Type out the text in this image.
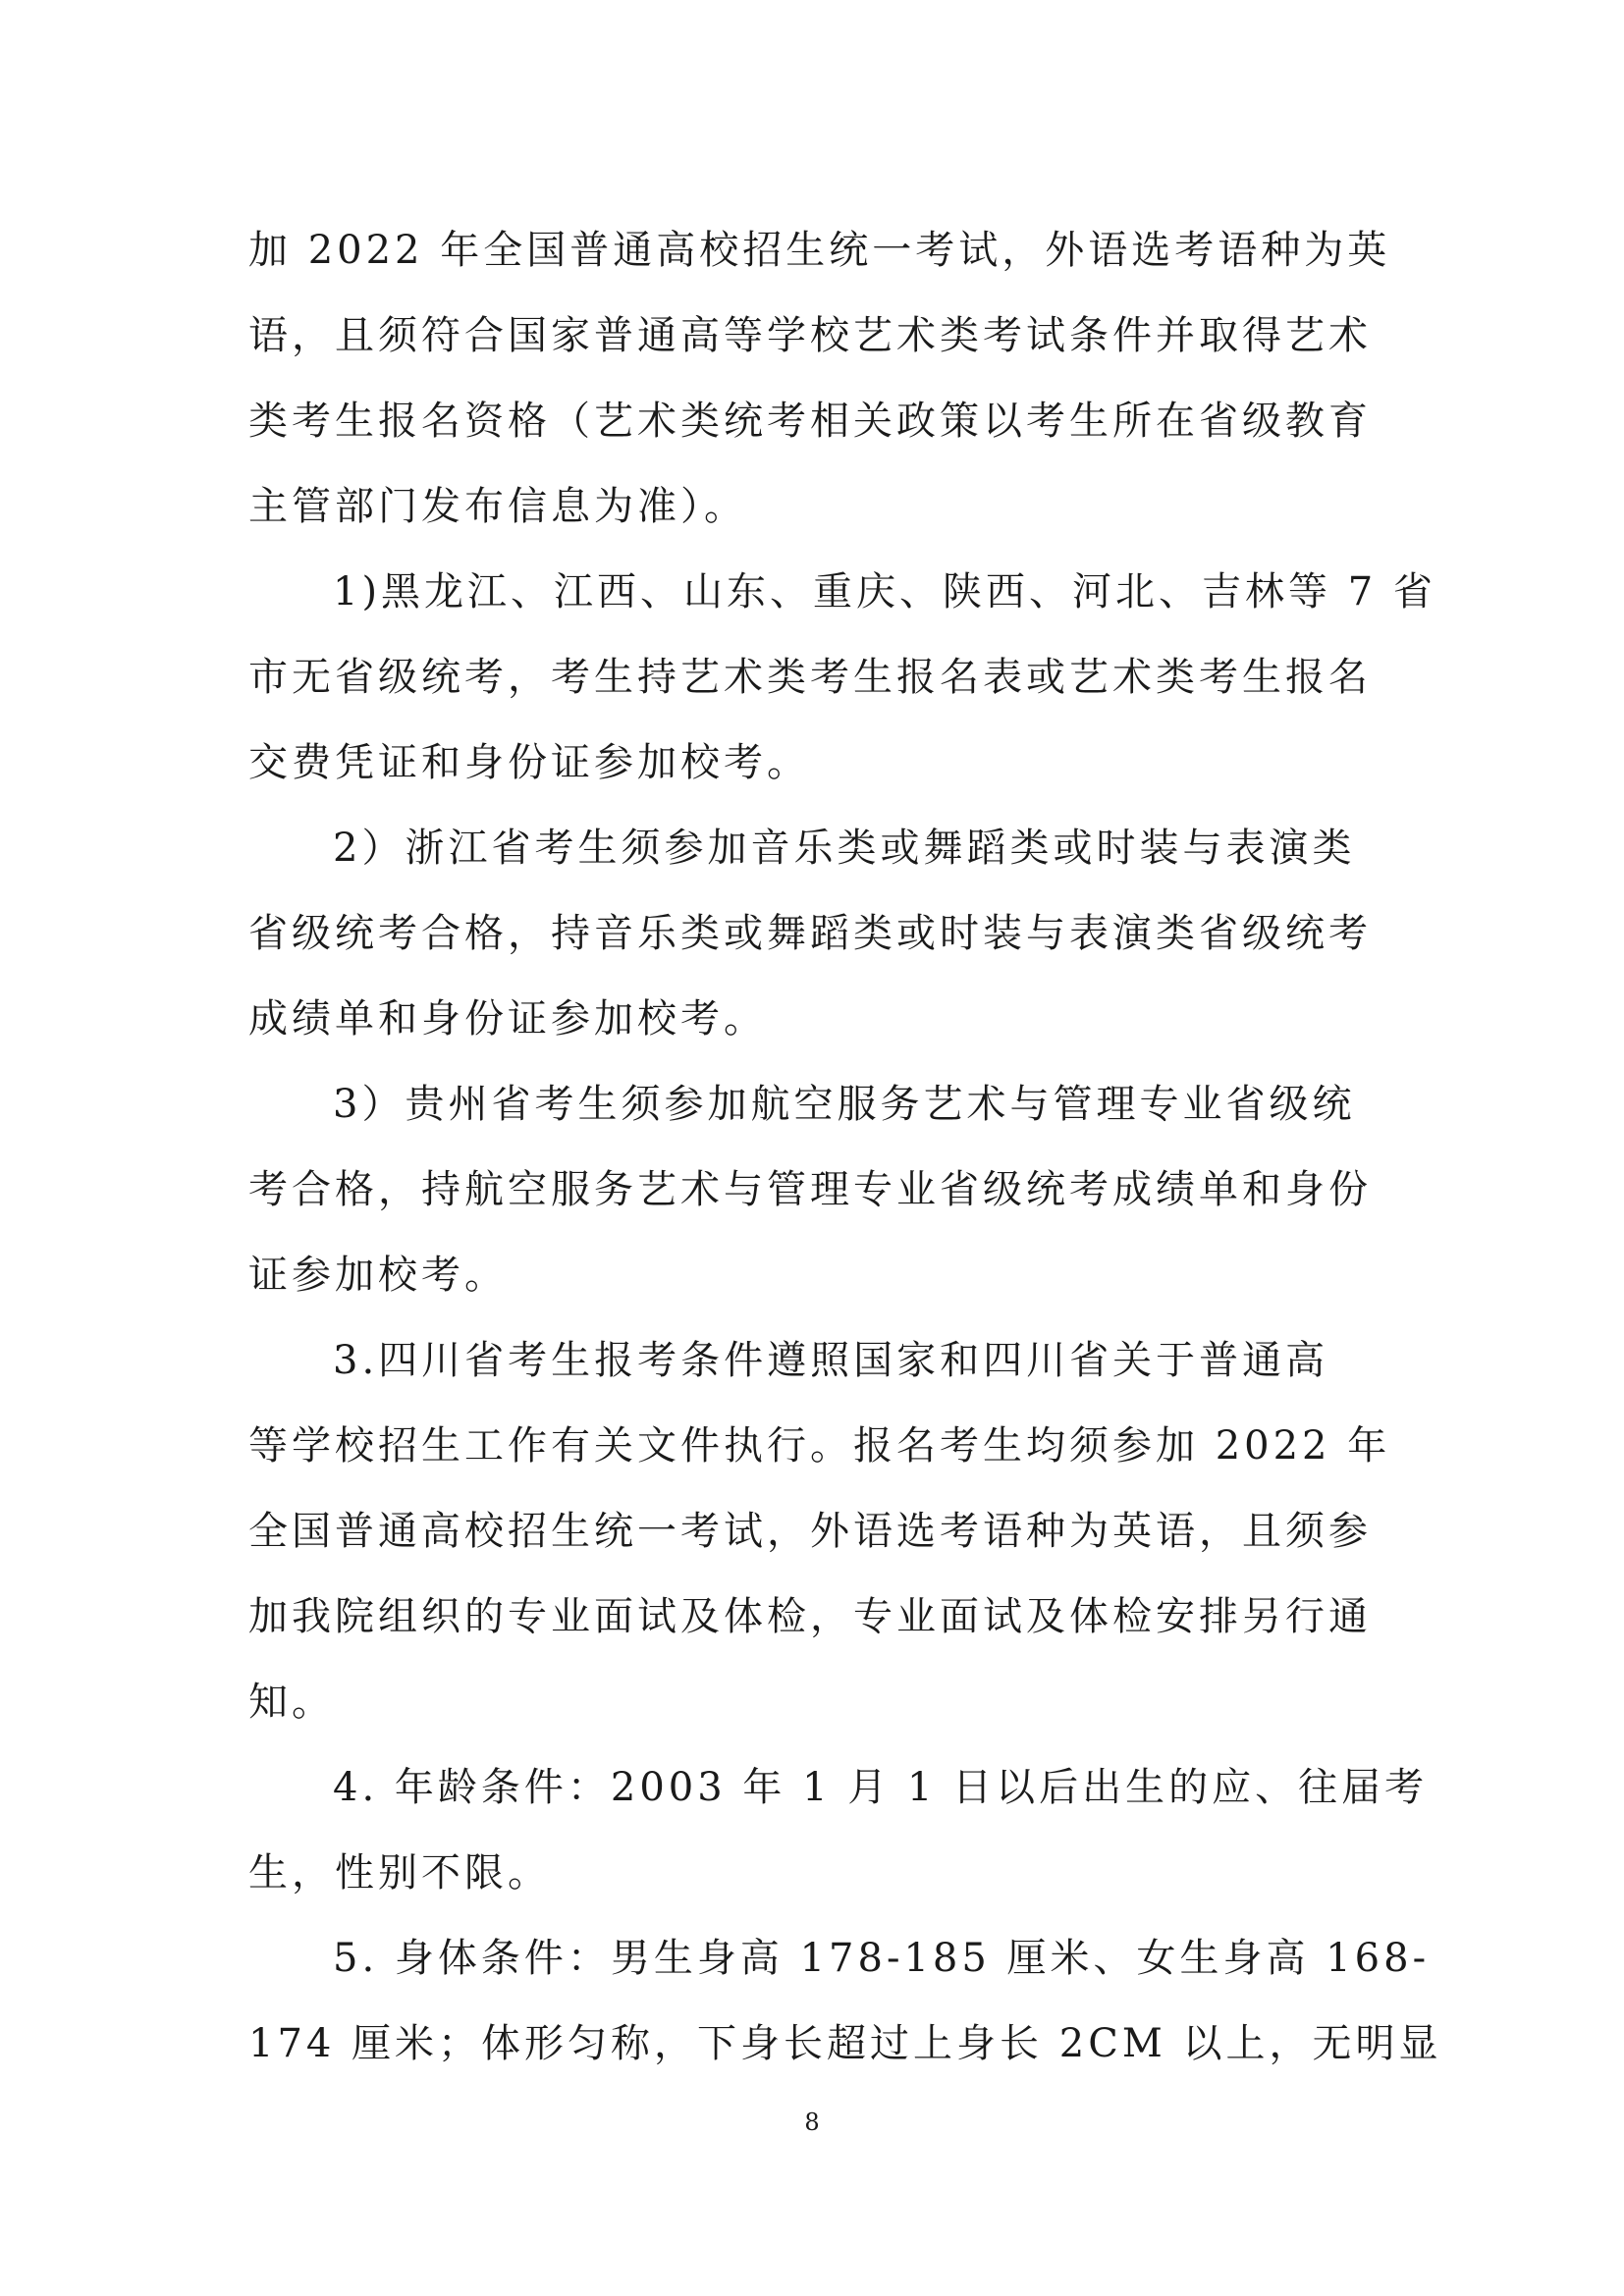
加 2022 年全国普通高校招生统一考试，外语选考语种为英
语，且须符合国家普通高等学校艺术类考试条件并取得艺术
类考生报名资格（艺术类统考相关政策以考生所在省级教育
主管部门发布信息为准）。

1)黑龙江、江西、山东、重庆、陕西、河北、吉林等 7 省
市无省级统考，考生持艺术类考生报名表或艺术类考生报名
交费凭证和身份证参加校考。

2）浙江省考生须参加音乐类或舞蹈类或时装与表演类
省级统考合格，持音乐类或舞蹈类或时装与表演类省级统考
成绩单和身份证参加校考。

3）贵州省考生须参加航空服务艺术与管理专业省级统
考合格，持航空服务艺术与管理专业省级统考成绩单和身份
证参加校考。

3.四川省考生报考条件遵照国家和四川省关于普通高
等学校招生工作有关文件执行。报名考生均须参加 2022 年
全国普通高校招生统一考试，外语选考语种为英语，且须参
加我院组织的专业面试及体检，专业面试及体检安排另行通
知。

4. 年龄条件：2003 年 1 月 1 日以后出生的应、往届考
生，性别不限。

5. 身体条件：男生身高 178-185 厘米、女生身高 168-
174 厘米；体形匀称，下身长超过上身长 2CM 以上，无明显

8
